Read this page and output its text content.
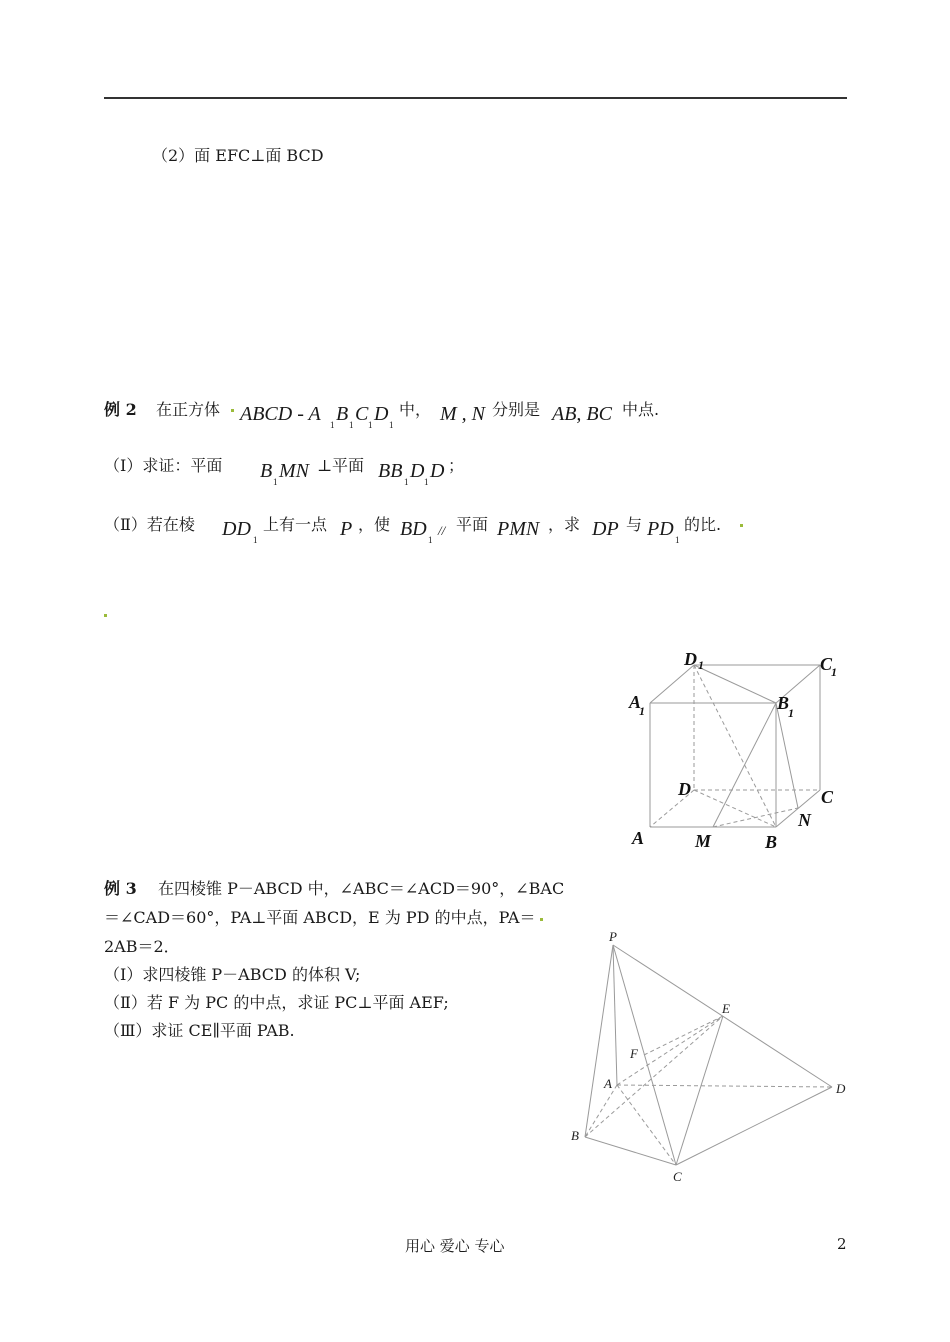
（2）面 EFC⊥面 BCD
例 2 在正方体 ABCD - A 1 B 1 C 1 D 1
中， M , N 分别是 AB, BC 中点.
（Ⅰ）求证：平面 B 1 MN ⊥平面 BB 1 D 1 D ；
（Ⅱ）若在棱 DD 1
上有一点 P ，使 BD 1
// 平面 PMN ，求 DP 与 PD 1
的比.
D 1	C
1
A
1	B
1
D	C
A	M	B
N
例 3 在四棱锥 P－ABCD 中，∠ABC＝∠ACD＝90°，∠BAC
＝∠CAD＝60°，PA⊥平面 ABCD，E 为 PD 的中点，PA＝
2AB＝2．
（Ⅰ）求四棱锥 P－ABCD 的体积 V;
（Ⅱ）若 F 为 PC 的中点，求证 PC⊥平面 AEF;
（Ⅲ）求证 CE∥平面 PAB.
P
E
F
A	D
B
C
用心 爱心 专心	2
